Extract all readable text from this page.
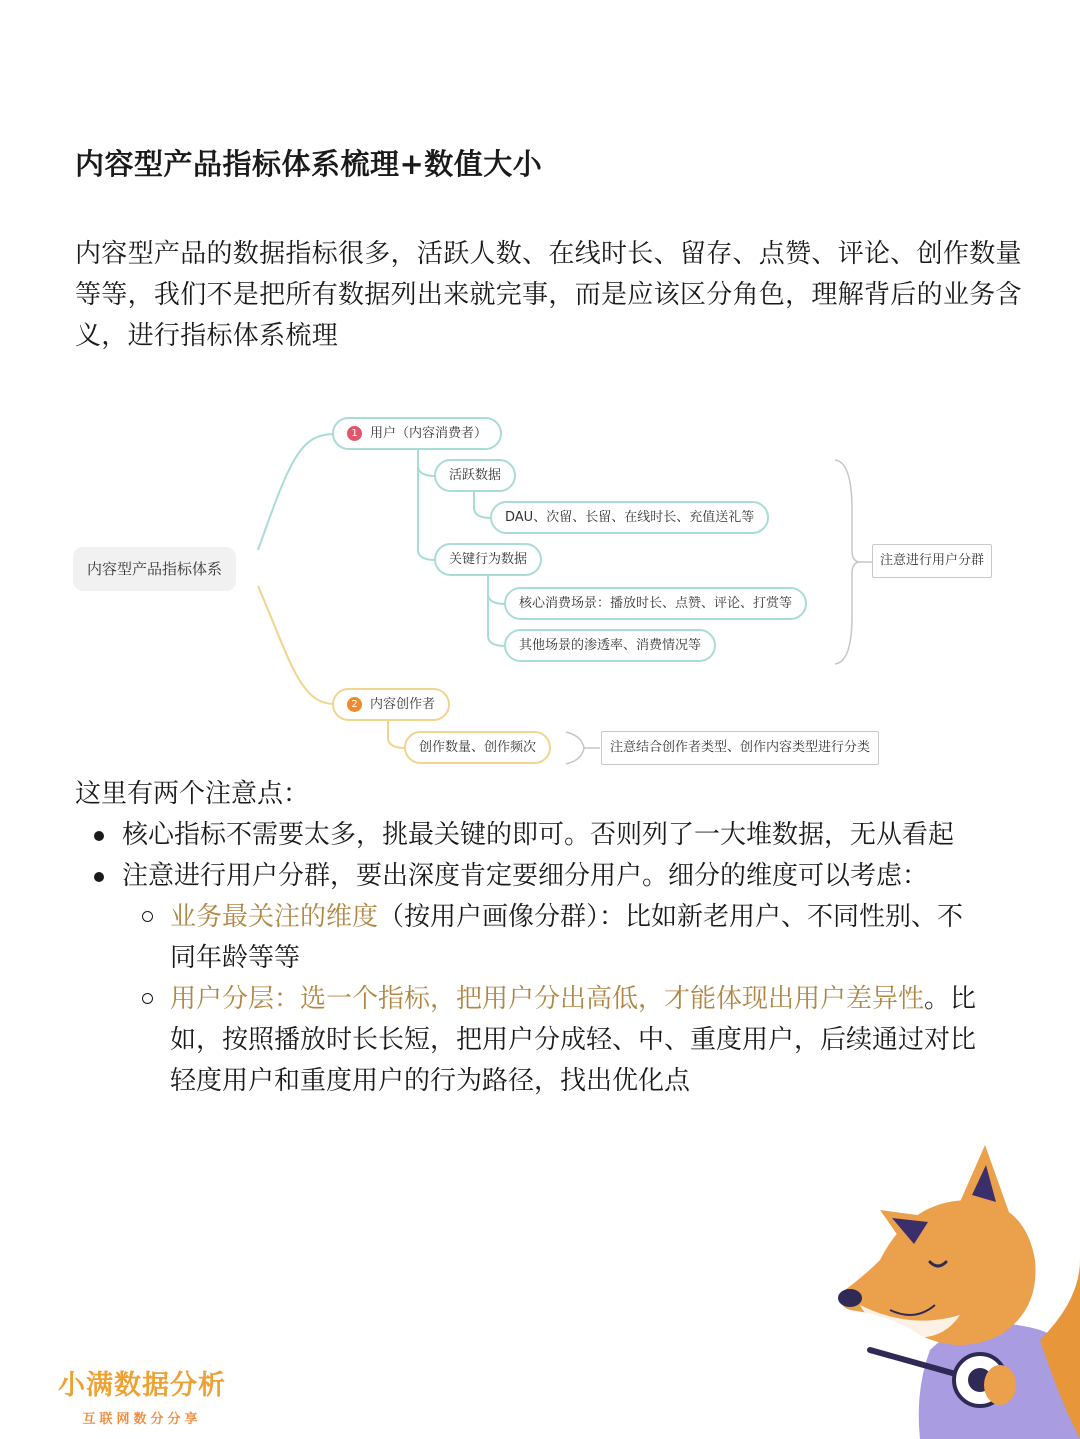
内容型产品指标体系梳理+数值大小
内容型产品的数据指标很多，活跃人数、在线时长、留存、点赞、评论、创作数量等等，我们不是把所有数据列出来就完事，而是应该区分角色，理解背后的业务含义，进行指标体系梳理
内容型产品指标体系
1 用户（内容消费者）
活跃数据
DAU、次留、长留、在线时长、充值送礼等
关键行为数据
核心消费场景：播放时长、点赞、评论、打赏等
其他场景的渗透率、消费情况等
注意进行用户分群
2 内容创作者
创作数量、创作频次	注意结合创作者类型、创作内容类型进行分类
这里有两个注意点：
核心指标不需要太多，挑最关键的即可。否则列了一大堆数据，无从看起
注意进行用户分群，要出深度肯定要细分用户。细分的维度可以考虑：
业务最关注的维度（按用户画像分群）：比如新老用户、不同性别、不同年龄等等
用户分层：选一个指标，把用户分出高低，才能体现出用户差异性。比如，按照播放时长长短，把用户分成轻、中、重度用户，后续通过对比轻度用户和重度用户的行为路径，找出优化点
小满数据分析
互联网数分分享
